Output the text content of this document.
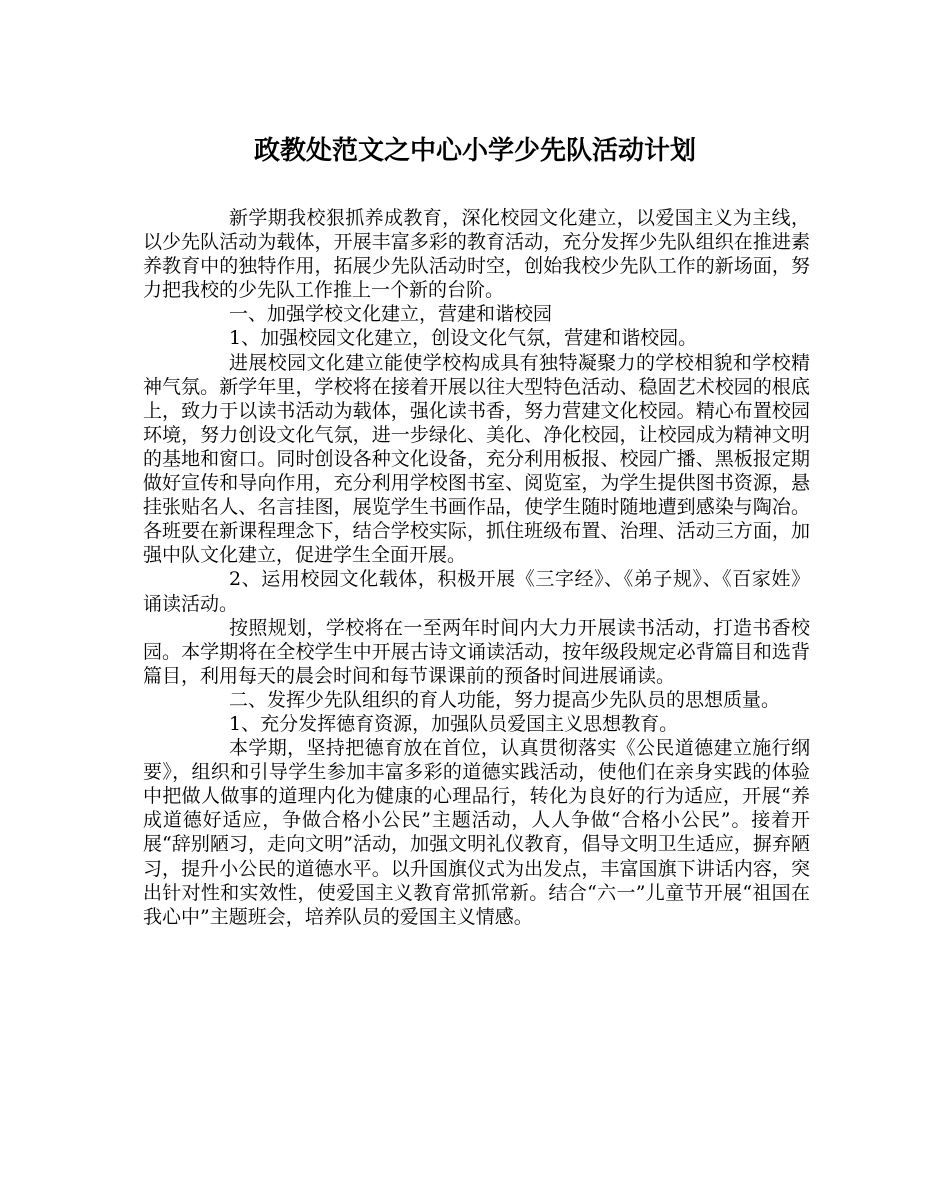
政教处范文之中心小学少先队活动计划

新学期我校狠抓养成教育，深化校园文化建立，以爱国主义为主线，以少先队活动为载体，开展丰富多彩的教育活动，充分发挥少先队组织在推进素养教育中的独特作用，拓展少先队活动时空，创始我校少先队工作的新场面，努力把我校的少先队工作推上一个新的台阶。

一、加强学校文化建立，营建和谐校园

1、加强校园文化建立，创设文化气氛，营建和谐校园。

进展校园文化建立能使学校构成具有独特凝聚力的学校相貌和学校精神气氛。新学年里，学校将在接着开展以往大型特色活动、稳固艺术校园的根底上，致力于以读书活动为载体，强化读书香，努力营建文化校园。精心布置校园环境，努力创设文化气氛，进一步绿化、美化、净化校园，让校园成为精神文明的基地和窗口。同时创设各种文化设备，充分利用板报、校园广播、黑板报定期做好宣传和导向作用，充分利用学校图书室、阅览室，为学生提供图书资源，悬挂张贴名人、名言挂图，展览学生书画作品，使学生随时随地遭到感染与陶冶。各班要在新课程理念下，结合学校实际，抓住班级布置、治理、活动三方面，加强中队文化建立，促进学生全面开展。

2、运用校园文化载体，积极开展《三字经》、《弟子规》、《百家姓》诵读活动。

按照规划，学校将在一至两年时间内大力开展读书活动，打造书香校园。本学期将在全校学生中开展古诗文诵读活动，按年级段规定必背篇目和选背篇目，利用每天的晨会时间和每节课课前的预备时间进展诵读。

二、发挥少先队组织的育人功能，努力提高少先队员的思想质量。

1、充分发挥德育资源，加强队员爱国主义思想教育。

本学期，坚持把德育放在首位，认真贯彻落实《公民道德建立施行纲要》，组织和引导学生参加丰富多彩的道德实践活动，使他们在亲身实践的体验中把做人做事的道理内化为健康的心理品行，转化为良好的行为适应，开展“养成道德好适应，争做合格小公民”主题活动，人人争做“合格小公民”。接着开展“辞别陋习，走向文明”活动，加强文明礼仪教育，倡导文明卫生适应，摒弃陋习，提升小公民的道德水平。以升国旗仪式为出发点，丰富国旗下讲话内容，突出针对性和实效性，使爱国主义教育常抓常新。结合“六一”儿童节开展“祖国在我心中”主题班会，培养队员的爱国主义情感。
